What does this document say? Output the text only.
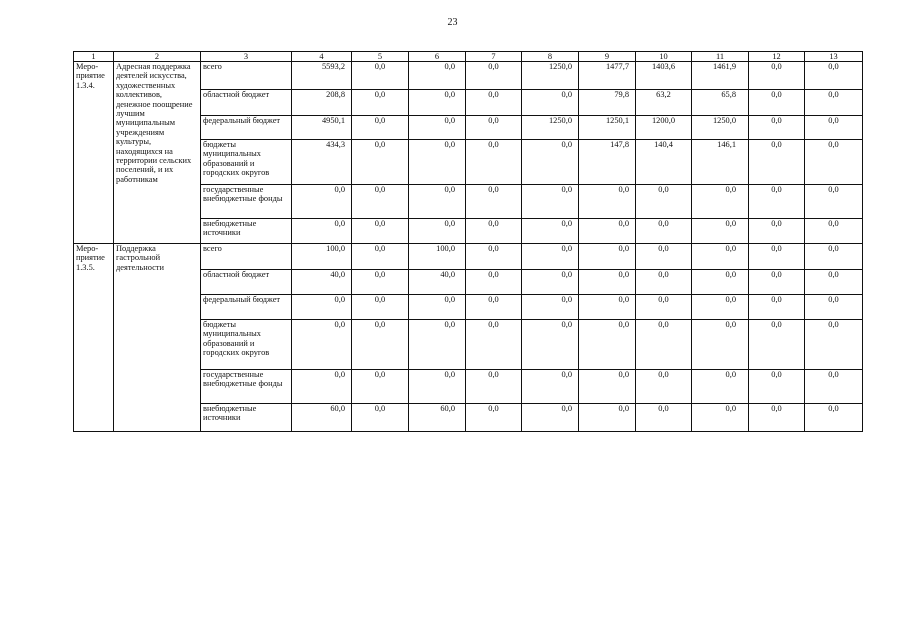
23
1	2	3	4	5	6	7	8	9	10	11	12	13
Меро-приятие 1.3.4.	Адресная поддержка деятелей искусства, художественных коллективов, денежное поощрение лучшим муниципальным учреждениям культуры, находящихся на территории сельских поселений, и их работникам	всего	5593,2	0,0	0,0	0,0	1250,0	1477,7	1403,6	1461,9	0,0	0,0
		областной бюджет	208,8	0,0	0,0	0,0	0,0	79,8	63,2	65,8	0,0	0,0
		федеральный бюджет	4950,1	0,0	0,0	0,0	1250,0	1250,1	1200,0	1250,0	0,0	0,0
		бюджеты муниципальных образований и городских округов	434,3	0,0	0,0	0,0	0,0	147,8	140,4	146,1	0,0	0,0
		государственные внебюджетные фонды	0,0	0,0	0,0	0,0	0,0	0,0	0,0	0,0	0,0	0,0
		внебюджетные источники	0,0	0,0	0,0	0,0	0,0	0,0	0,0	0,0	0,0	0,0
Меро-приятие 1.3.5.	Поддержка гастрольной деятельности	всего	100,0	0,0	100,0	0,0	0,0	0,0	0,0	0,0	0,0	0,0
		областной бюджет	40,0	0,0	40,0	0,0	0,0	0,0	0,0	0,0	0,0	0,0
		федеральный бюджет	0,0	0,0	0,0	0,0	0,0	0,0	0,0	0,0	0,0	0,0
		бюджеты муниципальных образований и городских округов	0,0	0,0	0,0	0,0	0,0	0,0	0,0	0,0	0,0	0,0
		государственные внебюджетные фонды	0,0	0,0	0,0	0,0	0,0	0,0	0,0	0,0	0,0	0,0
		внебюджетные источники	60,0	0,0	60,0	0,0	0,0	0,0	0,0	0,0	0,0	0,0
